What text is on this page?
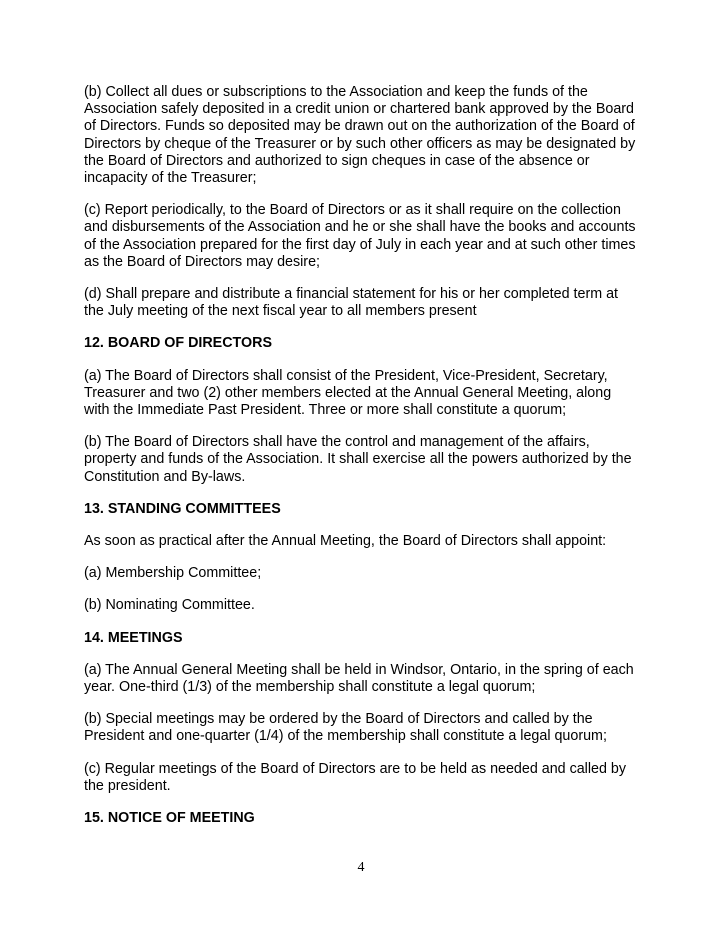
(b) Collect all dues or subscriptions to the Association and keep the funds of the Association safely deposited in a credit union or chartered bank approved by the Board of Directors. Funds so deposited may be drawn out on the authorization of the Board of Directors by cheque of the Treasurer or by such other officers as may be designated by the Board of Directors and authorized to sign cheques in case of the absence or incapacity of the Treasurer;

(c) Report periodically, to the Board of Directors or as it shall require on the collection and disbursements of the Association and he or she shall have the books and accounts of the Association prepared for the first day of July in each year and at such other times as the Board of Directors may desire;

(d) Shall prepare and distribute a financial statement for his or her completed term at the July meeting of the next fiscal year to all members present

12. BOARD OF DIRECTORS

(a) The Board of Directors shall consist of the President, Vice-President, Secretary, Treasurer and two (2) other members elected at the Annual General Meeting, along with the Immediate Past President. Three or more shall constitute a quorum;

(b) The Board of Directors shall have the control and management of the affairs, property and funds of the Association. It shall exercise all the powers authorized by the Constitution and By-laws.

13. STANDING COMMITTEES

As soon as practical after the Annual Meeting, the Board of Directors shall appoint:

(a) Membership Committee;

(b) Nominating Committee.

14. MEETINGS

(a) The Annual General Meeting shall be held in Windsor, Ontario, in the spring of each year. One-third (1/3) of the membership shall constitute a legal quorum;

(b) Special meetings may be ordered by the Board of Directors and called by the President and one-quarter (1/4) of the membership shall constitute a legal quorum;

(c) Regular meetings of the Board of Directors are to be held as needed and called by the president.

15. NOTICE OF MEETING

4
